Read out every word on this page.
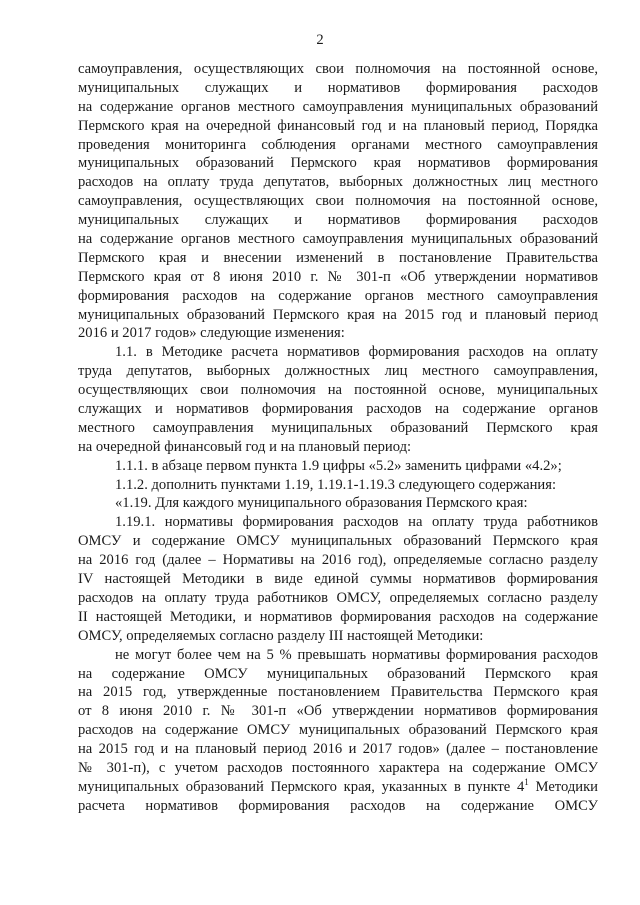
2
самоуправления, осуществляющих свои полномочия на постоянной основе,
муниципальных служащих и нормативов формирования расходов
на содержание органов местного самоуправления муниципальных образований
Пермского края на очередной финансовый год и на плановый период, Порядка
проведения мониторинга соблюдения органами местного самоуправления
муниципальных образований Пермского края нормативов формирования
расходов на оплату труда депутатов, выборных должностных лиц местного
самоуправления, осуществляющих свои полномочия на постоянной основе,
муниципальных служащих и нормативов формирования расходов
на содержание органов местного самоуправления муниципальных образований
Пермского края и внесении изменений в постановление Правительства
Пермского края от 8 июня 2010 г. № 301-п «Об утверждении нормативов
формирования расходов на содержание органов местного самоуправления
муниципальных образований Пермского края на 2015 год и плановый период
2016 и 2017 годов» следующие изменения:
1.1. в Методике расчета нормативов формирования расходов на оплату
труда депутатов, выборных должностных лиц местного самоуправления,
осуществляющих свои полномочия на постоянной основе, муниципальных
служащих и нормативов формирования расходов на содержание органов
местного самоуправления муниципальных образований Пермского края
на очередной финансовый год и на плановый период:
1.1.1. в абзаце первом пункта 1.9 цифры «5.2» заменить цифрами «4.2»;
1.1.2. дополнить пунктами 1.19, 1.19.1-1.19.3 следующего содержания:
«1.19. Для каждого муниципального образования Пермского края:
1.19.1. нормативы формирования расходов на оплату труда работников
ОМСУ и содержание ОМСУ муниципальных образований Пермского края
на 2016 год (далее – Нормативы на 2016 год), определяемые согласно разделу
IV настоящей Методики в виде единой суммы нормативов формирования
расходов на оплату труда работников ОМСУ, определяемых согласно разделу
II настоящей Методики, и нормативов формирования расходов на содержание
ОМСУ, определяемых согласно разделу III настоящей Методики:
не могут более чем на 5 % превышать нормативы формирования расходов
на содержание ОМСУ муниципальных образований Пермского края
на 2015 год, утвержденные постановлением Правительства Пермского края
от 8 июня 2010 г. № 301-п «Об утверждении нормативов формирования
расходов на содержание ОМСУ муниципальных образований Пермского края
на 2015 год и на плановый период 2016 и 2017 годов» (далее – постановление
№ 301-п), с учетом расходов постоянного характера на содержание ОМСУ
муниципальных образований Пермского края, указанных в пункте $4^1$ Методики
расчета нормативов формирования расходов на содержание ОМСУ
